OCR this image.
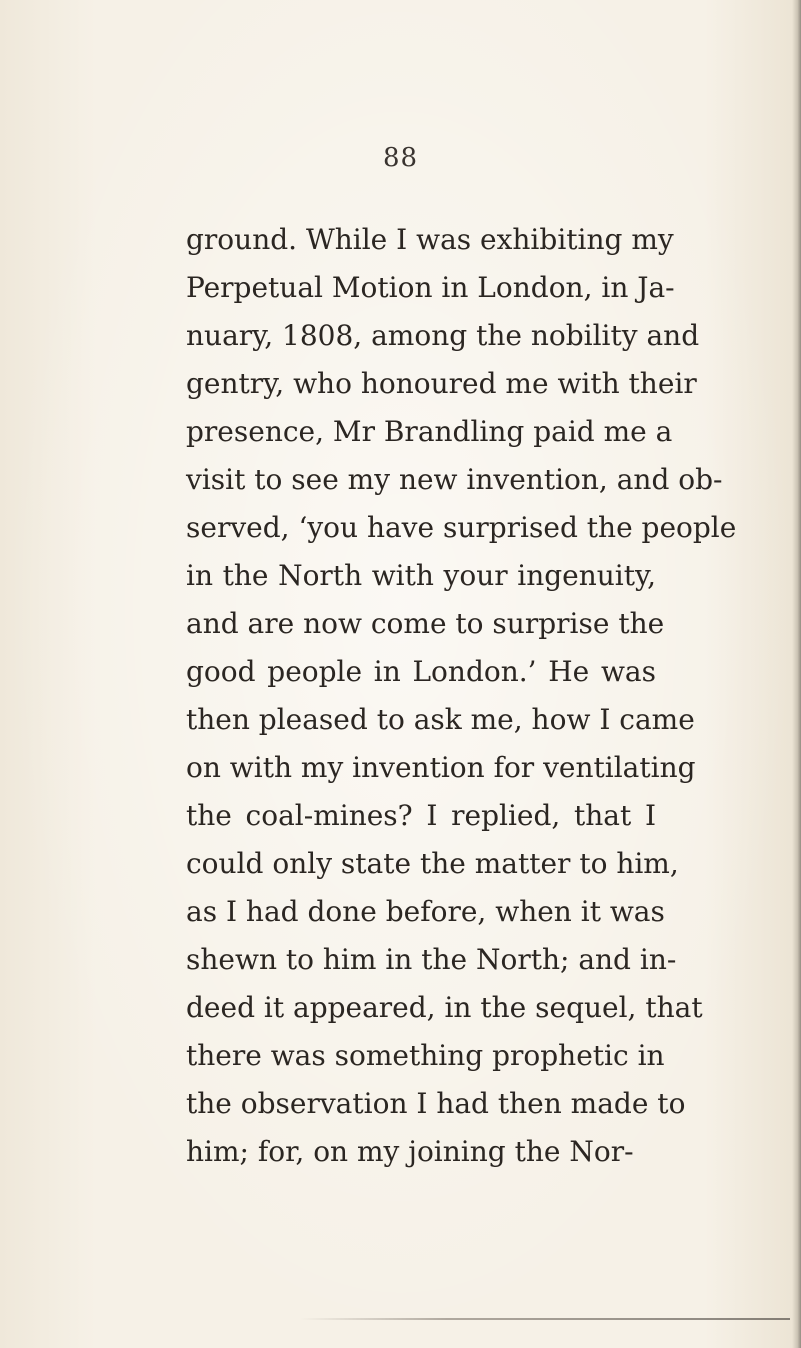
88
ground. While I was exhibiting my
Perpetual Motion in London, in Ja-
nuary, 1808, among the nobility and
gentry, who honoured me with their
presence, Mr Brandling paid me a
visit to see my new invention, and ob-
served, ‘you have surprised the people
in the North with your ingenuity,
and are now come to surprise the
good people in London.’ He was
then pleased to ask me, how I came
on with my invention for ventilating
the coal-mines? I replied, that I
could only state the matter to him,
as I had done before, when it was
shewn to him in the North; and in-
deed it appeared, in the sequel, that
there was something prophetic in
the observation I had then made to
him; for, on my joining the Nor-
